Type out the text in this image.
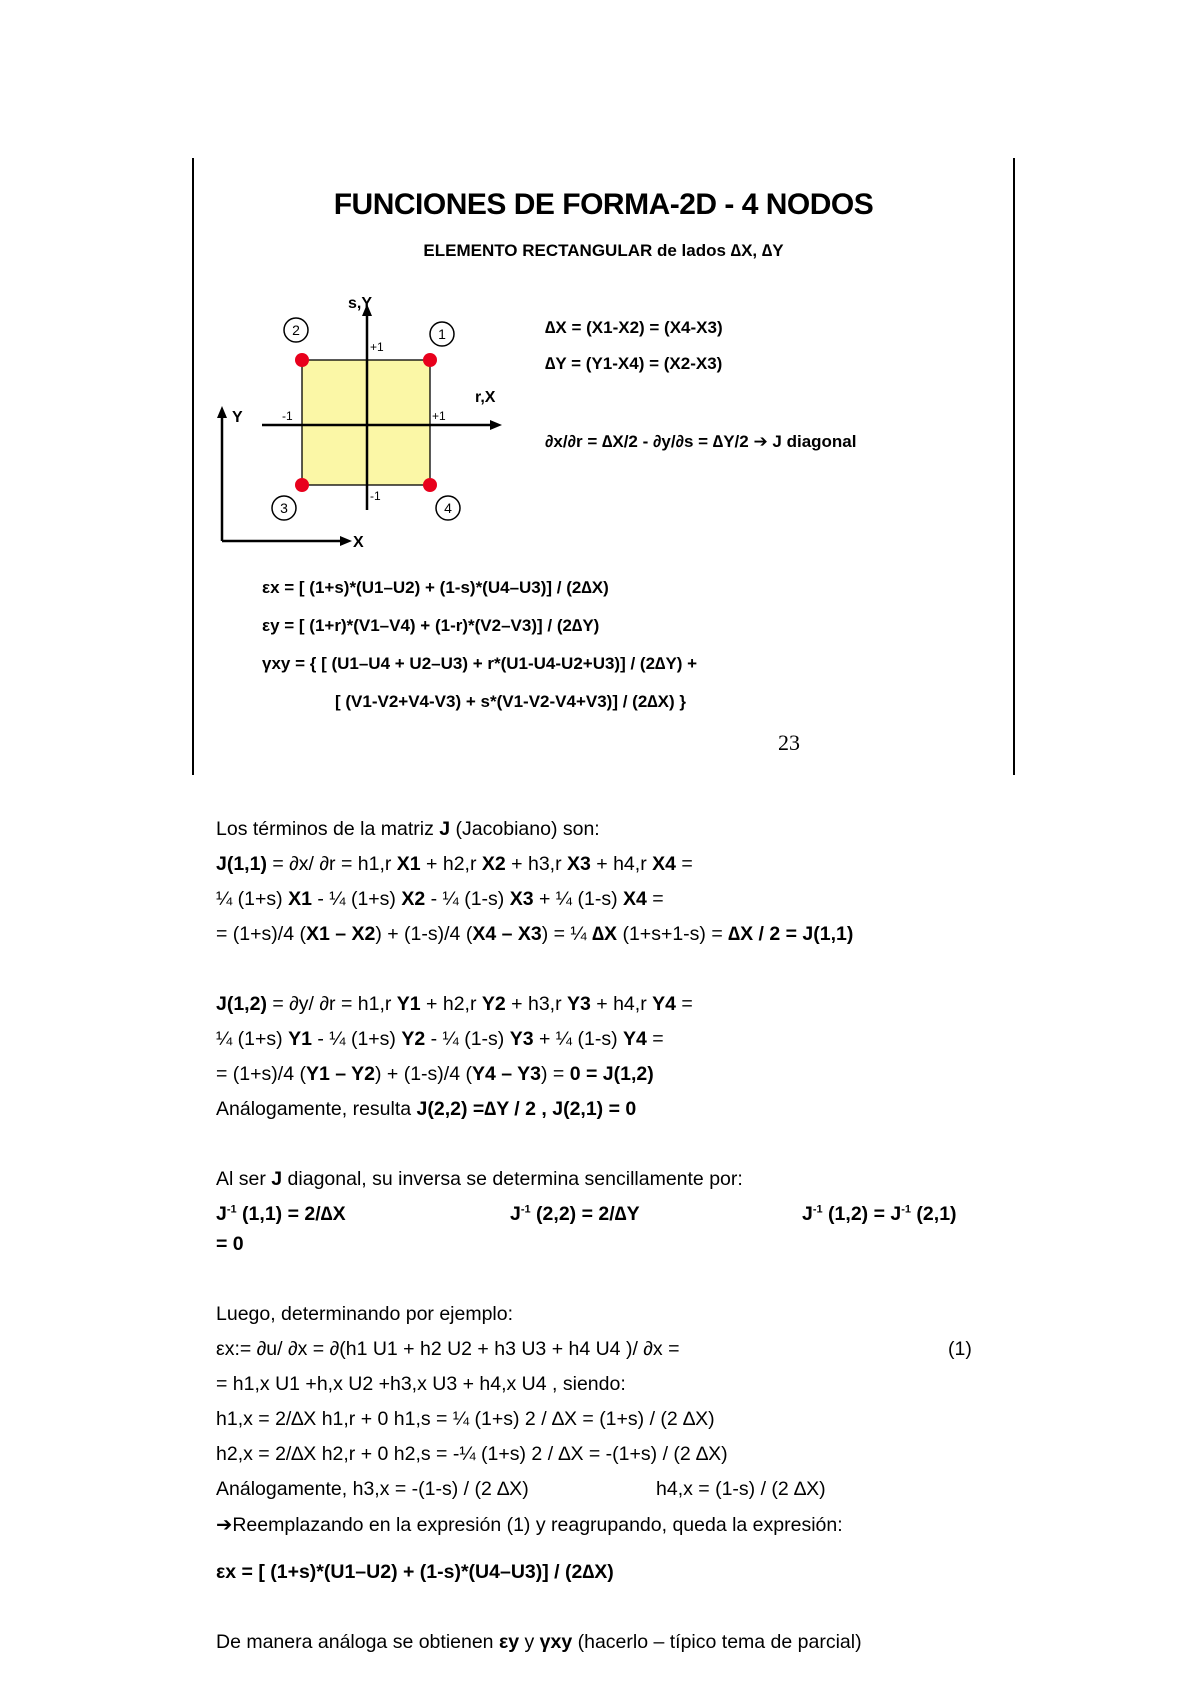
FUNCIONES DE FORMA-2D - 4 NODOS
ELEMENTO RECTANGULAR de lados ∆X, ∆Y
s,Y
r,X
Y
X
+1
+1
-1
-1
1
2
3	4
∆X = (X1-X2) = (X4-X3)
∆Y = (Y1-X4) = (X2-X3)
∂x/∂r = ∆X/2 - ∂y/∂s = ∆Y/2 ➔ J diagonal
εx = [ (1+s)*(U1–U2) + (1-s)*(U4–U3)] / (2∆X)
εy = [ (1+r)*(V1–V4) + (1-r)*(V2–V3)] / (2∆Y)
γxy = { [ (U1–U4 + U2–U3) + r*(U1-U4-U2+U3)] / (2∆Y) +
[ (V1-V2+V4-V3) + s*(V1-V2-V4+V3)] / (2∆X) }
23
Los términos de la matriz J (Jacobiano) son:
J(1,1) = ∂x/ ∂r = h1,r X1 + h2,r X2 + h3,r X3 + h4,r X4 =
¼ (1+s) X1 - ¼ (1+s) X2 - ¼ (1-s) X3 + ¼ (1-s) X4 =
= (1+s)/4 (X1 – X2) + (1-s)/4 (X4 – X3) = ¼ ∆X (1+s+1-s) = ∆X / 2 = J(1,1)
J(1,2) = ∂y/ ∂r = h1,r Y1 + h2,r Y2 + h3,r Y3 + h4,r Y4 =
¼ (1+s) Y1 - ¼ (1+s) Y2 - ¼ (1-s) Y3 + ¼ (1-s) Y4 =
= (1+s)/4 (Y1 – Y2) + (1-s)/4 (Y4 – Y3) = 0 = J(1,2)
Análogamente, resulta J(2,2) =∆Y / 2 , J(2,1) = 0
Al ser J diagonal, su inversa se determina sencillamente por:
$J^{-1}$ (1,1) = 2/∆X	$J^{-1}$ (2,2) = 2/∆Y	$J^{-1}$ $(1,2) = J^{-1}$ (2,1)
= 0
Luego, determinando por ejemplo:
εx:= ∂u/ ∂x = ∂(h1 U1 + h2 U2 + h3 U3 + h4 U4 )/ ∂x =	(1)
= h1,x U1 +h,x U2 +h3,x U3 + h4,x U4 , siendo:
h1,x = 2/∆X h1,r + 0 h1,s = ¼ (1+s) 2 / ∆X = (1+s) / (2 ∆X)
h2,x = 2/∆X h2,r + 0 h2,s = -¼ (1+s) 2 / ∆X = -(1+s) / (2 ∆X)
Análogamente, h3,x = -(1-s) / (2 ∆X)	h4,x = (1-s) / (2 ∆X)
➔Reemplazando en la expresión (1) y reagrupando, queda la expresión:
εx = [ (1+s)*(U1–U2) + (1-s)*(U4–U3)] / (2∆X)
De manera análoga se obtienen εy y γxy (hacerlo – típico tema de parcial)
